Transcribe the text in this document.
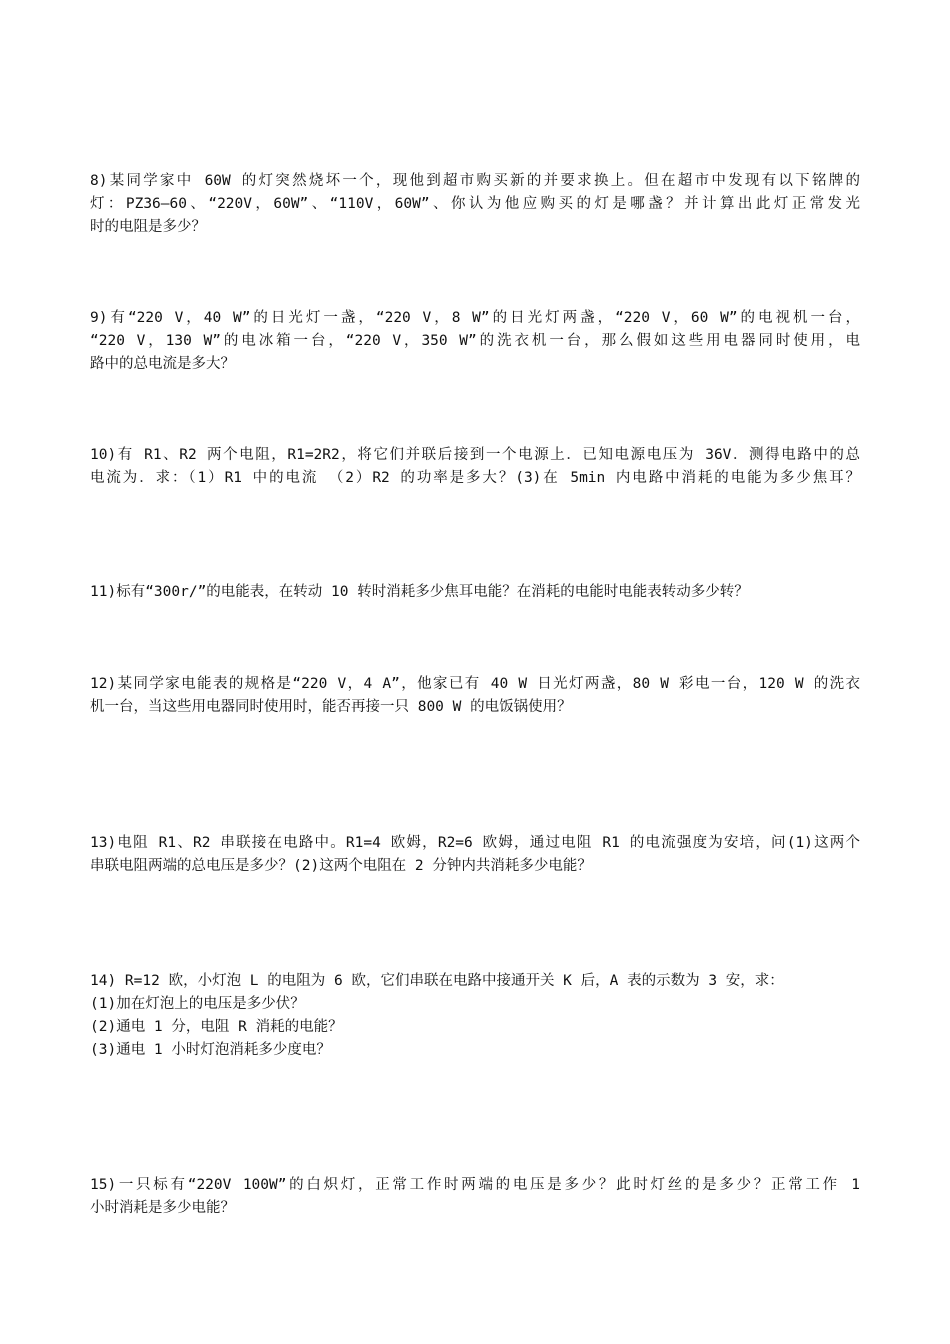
8)某同学家中 60W 的灯突然烧坏一个，现他到超市购买新的并要求换上。但在超市中发现有以下铭牌的
灯：PZ36—60、“220V，60W”、“110V，60W”、你认为他应购买的灯是哪盏？并计算出此灯正常发光
时的电阻是多少？
9)有“220 V，40 W”的日光灯一盏，“220 V，8 W”的日光灯两盏，“220 V，60 W”的电视机一台，
“220 V，130 W”的电冰箱一台，“220 V，350 W”的洗衣机一台，那么假如这些用电器同时使用，电
路中的总电流是多大？
10)有 R1、R2 两个电阻，R1=2R2，将它们并联后接到一个电源上．已知电源电压为 36V．测得电路中的总
电流为．求：（1）R1 中的电流 （2）R2 的功率是多大？(3)在 5min 内电路中消耗的电能为多少焦耳？
11)标有“300r/”的电能表，在转动 10 转时消耗多少焦耳电能？在消耗的电能时电能表转动多少转？
12)某同学家电能表的规格是“220 V，4 A”，他家已有 40 W 日光灯两盏，80 W 彩电一台，120 W 的洗衣
机一台，当这些用电器同时使用时，能否再接一只 800 W 的电饭锅使用？
13)电阻 R1、R2 串联接在电路中。R1=4 欧姆，R2=6 欧姆，通过电阻 R1 的电流强度为安培，问(1)这两个
串联电阻两端的总电压是多少？(2)这两个电阻在 2 分钟内共消耗多少电能？
14) R=12 欧，小灯泡 L 的电阻为 6 欧，它们串联在电路中接通开关 K 后，A 表的示数为 3 安，求：
(1)加在灯泡上的电压是多少伏？
(2)通电 1 分，电阻 R 消耗的电能？
(3)通电 1 小时灯泡消耗多少度电？
15)一只标有“220V 100W”的白炽灯，正常工作时两端的电压是多少？此时灯丝的是多少？正常工作 1
小时消耗是多少电能？
